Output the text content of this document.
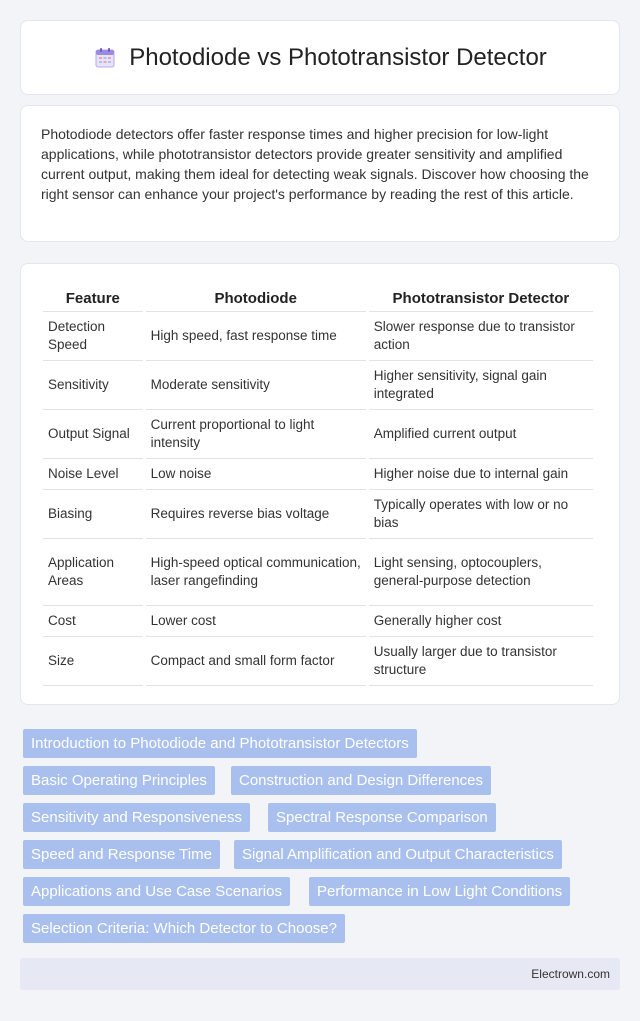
Photodiode vs Phototransistor Detector

Photodiode detectors offer faster response times and higher precision for low-light applications, while phototransistor detectors provide greater sensitivity and amplified current output, making them ideal for detecting weak signals. Discover how choosing the right sensor can enhance your project's performance by reading the rest of this article.

Feature	Photodiode	Phototransistor Detector
Detection Speed	High speed, fast response time	Slower response due to transistor action
Sensitivity	Moderate sensitivity	Higher sensitivity, signal gain integrated
Output Signal	Current proportional to light intensity	Amplified current output
Noise Level	Low noise	Higher noise due to internal gain
Biasing	Requires reverse bias voltage	Typically operates with low or no bias
Application Areas	High-speed optical communication, laser rangefinding	Light sensing, optocouplers, general-purpose detection
Cost	Lower cost	Generally higher cost
Size	Compact and small form factor	Usually larger due to transistor structure
Introduction to Photodiode and Phototransistor Detectors
Basic Operating Principles	Construction and Design Differences
Sensitivity and Responsiveness	Spectral Response Comparison
Speed and Response Time	Signal Amplification and Output Characteristics
Applications and Use Case Scenarios	Performance in Low Light Conditions
Selection Criteria: Which Detector to Choose?
Electrown.com
